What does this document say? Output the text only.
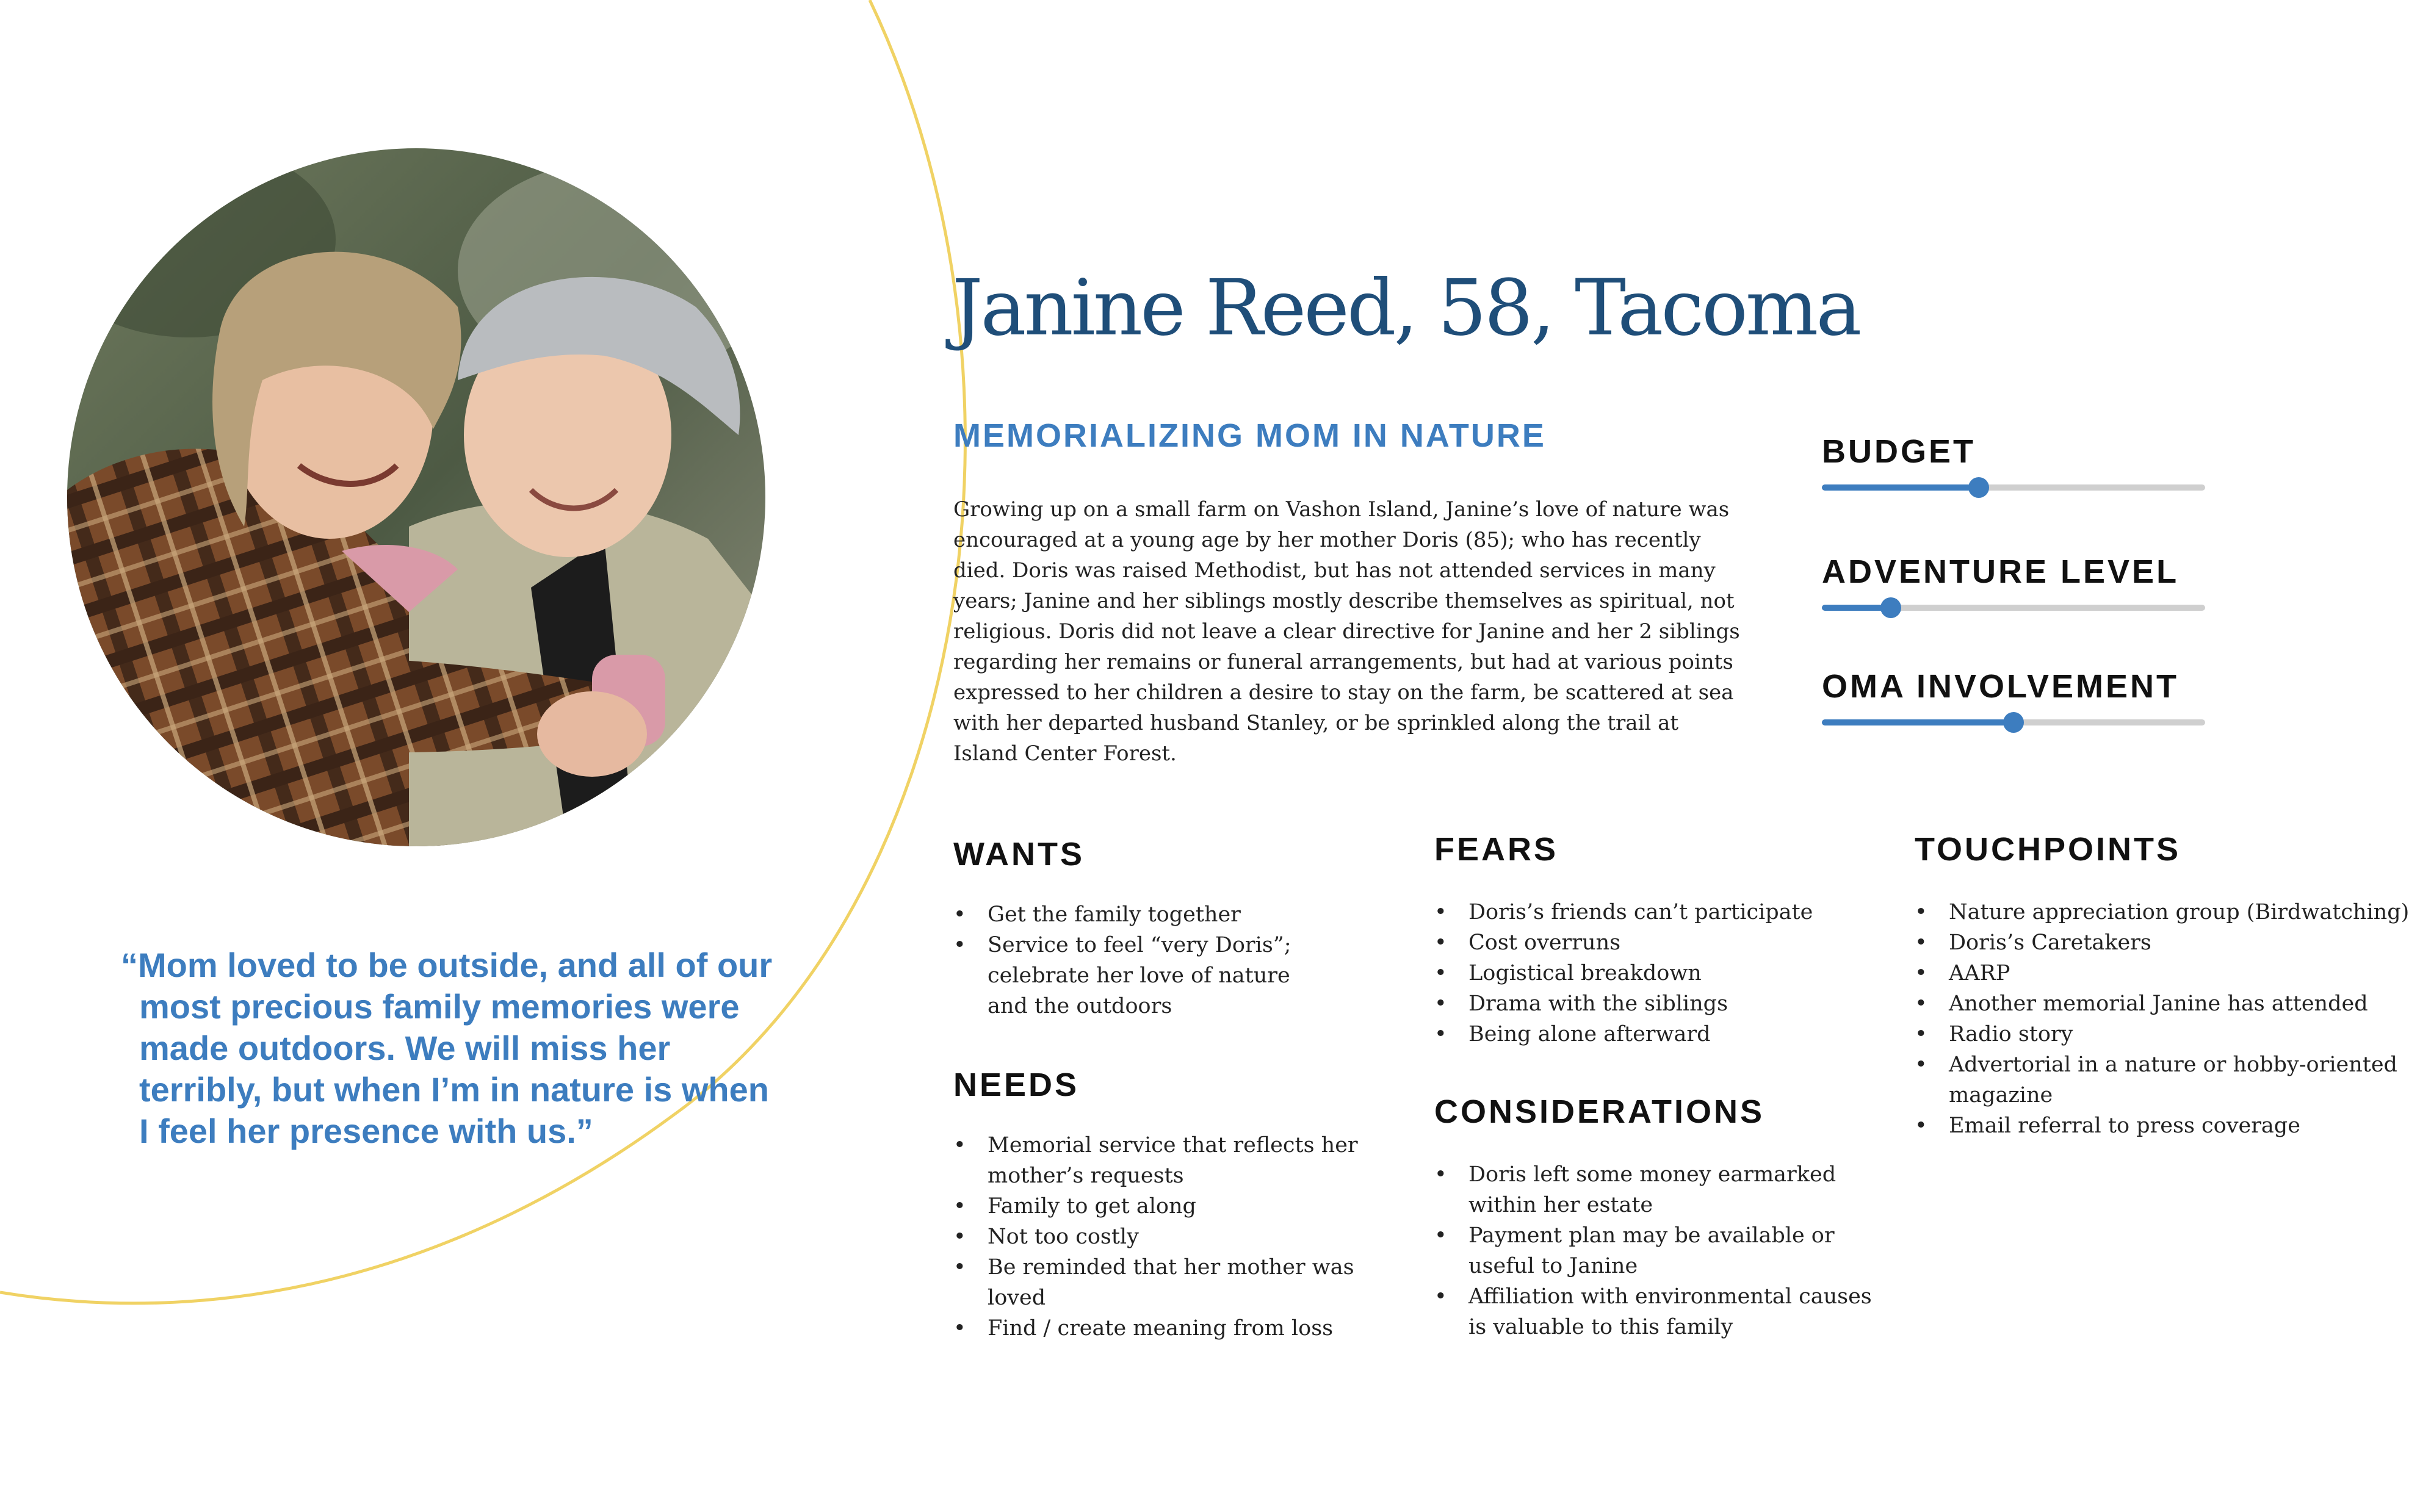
“Mom loved to be outside, and all of our most precious family memories were made outdoors. We will miss her terribly, but when I’m in nature is when I feel her presence with us.”

Janine Reed, 58, Tacoma
MEMORIALIZING MOM IN NATURE

Growing up on a small farm on Vashon Island, Janine’s love of nature was encouraged at a young age by her mother Doris (85); who has recently died. Doris was raised Methodist, but has not attended services in many years; Janine and her siblings mostly describe themselves as spiritual, not religious. Doris did not leave a clear directive for Janine and her 2 siblings regarding her remains or funeral arrangements, but had at various points expressed to her children a desire to stay on the farm, be scattered at sea with her departed husband Stanley, or be sprinkled along the trail at Island Center Forest.

BUDGET
ADVENTURE LEVEL
OMA INVOLVEMENT
WANTS
• Get the family together
• Service to feel “very Doris”; celebrate her love of nature and the outdoors
NEEDS
• Memorial service that reflects her mother’s requests
• Family to get along
• Not too costly
• Be reminded that her mother was loved
• Find / create meaning from loss
FEARS
• Doris’s friends can’t participate
• Cost overruns
• Logistical breakdown
• Drama with the siblings
• Being alone afterward
CONSIDERATIONS
• Doris left some money earmarked within her estate
• Payment plan may be available or useful to Janine
• Affiliation with environmental causes is valuable to this family
TOUCHPOINTS
• Nature appreciation group (Birdwatching)
• Doris’s Caretakers
• AARP
• Another memorial Janine has attended
• Radio story
• Advertorial in a nature or hobby-oriented magazine
• Email referral to press coverage
